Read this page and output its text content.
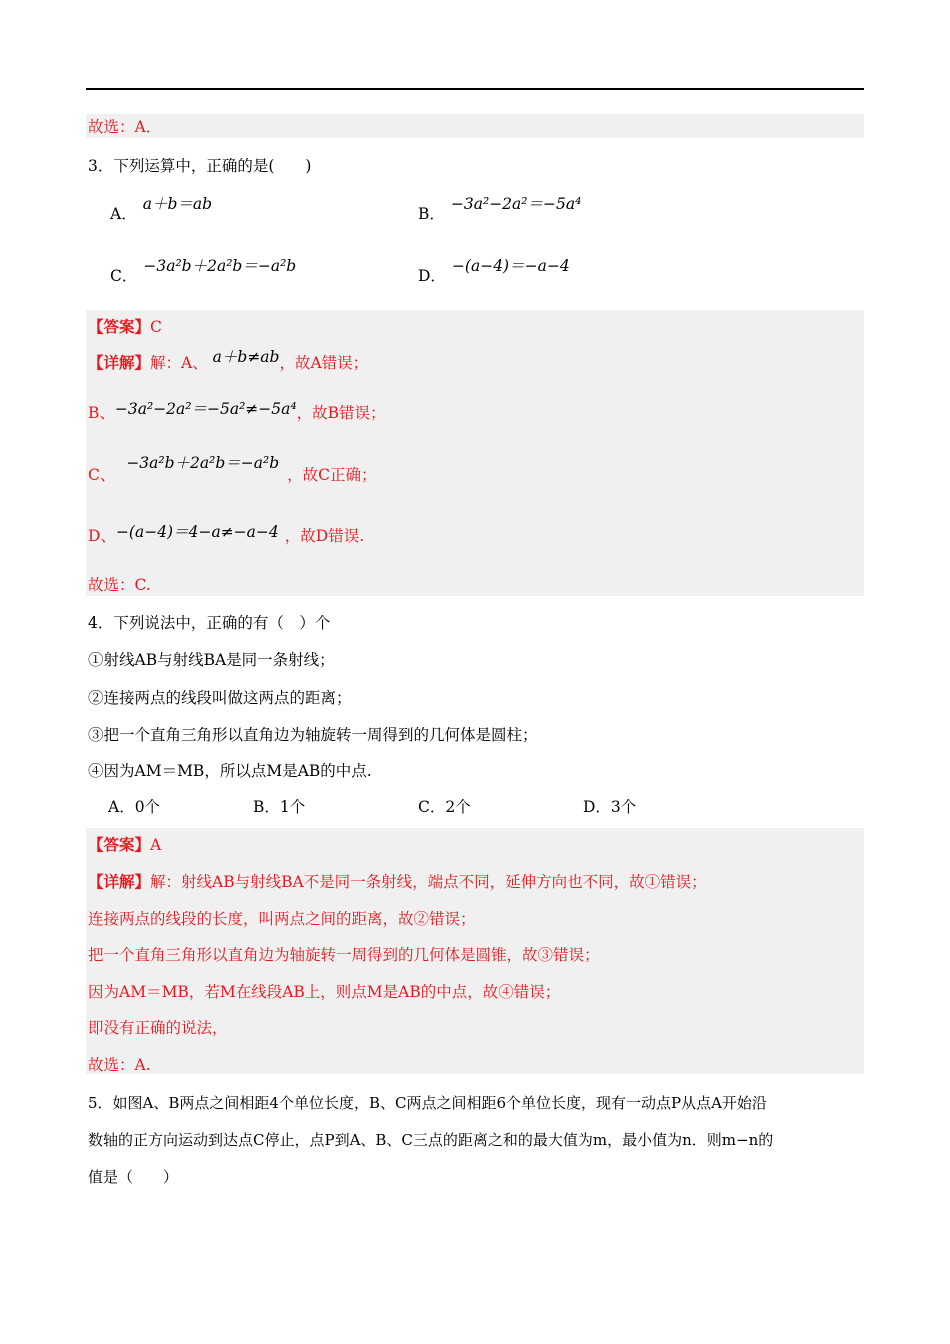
故选：A．
3．下列运算中，正确的是(　　)
A．a＋b＝ab
B．−3a²−2a²＝−5a⁴
C．−3a²b＋2a²b＝−a²b
D．−(a−4)＝−a−4
【答案】C
【详解】解：A、 a＋b≠ab，故A错误；
B、−3a²−2a²＝−5a²≠−5a⁴，故B错误；
C、 −3a²b＋2a²b＝−a²b，故C正确；
D、−(a−4)＝4−a≠−a−4 ，故D错误.
故选：C.
4．下列说法中，正确的有（　）个
①射线AB与射线BA是同一条射线；
②连接两点的线段叫做这两点的距离；
③把一个直角三角形以直角边为轴旋转一周得到的几何体是圆柱；
④因为AM＝MB，所以点M是AB的中点.
A．0个	B．1个	C．2个	D．3个
【答案】A
【详解】解：射线AB与射线BA不是同一条射线，端点不同，延伸方向也不同，故①错误；
连接两点的线段的长度，叫两点之间的距离，故②错误；
把一个直角三角形以直角边为轴旋转一周得到的几何体是圆锥，故③错误；
因为AM＝MB，若M在线段AB上，则点M是AB的中点，故④错误；
即没有正确的说法，
故选：A.
5．如图A、B两点之间相距4个单位长度，B、C两点之间相距6个单位长度，现有一动点P从点A开始沿
数轴的正方向运动到达点C停止，点P到A、B、C三点的距离之和的最大值为m，最小值为n．则m−n的
值是（　　）
